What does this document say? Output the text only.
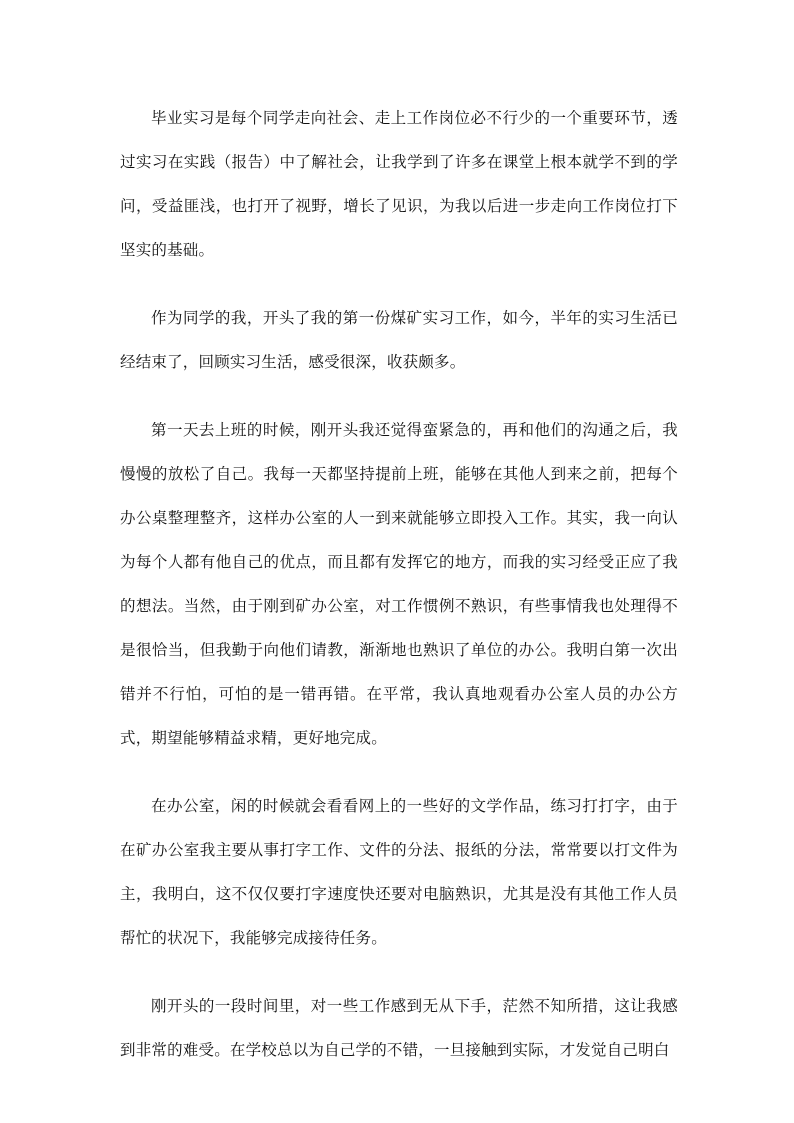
毕业实习是每个同学走向社会、走上工作岗位必不行少的一个重要环节，透过实习在实践（报告）中了解社会，让我学到了许多在课堂上根本就学不到的学问，受益匪浅，也打开了视野，增长了见识，为我以后进一步走向工作岗位打下坚实的基础。

作为同学的我，开头了我的第一份煤矿实习工作，如今，半年的实习生活已经结束了，回顾实习生活，感受很深，收获颇多。

第一天去上班的时候，刚开头我还觉得蛮紧急的，再和他们的沟通之后，我慢慢的放松了自己。我每一天都坚持提前上班，能够在其他人到来之前，把每个办公桌整理整齐，这样办公室的人一到来就能够立即投入工作。其实，我一向认为每个人都有他自己的优点，而且都有发挥它的地方，而我的实习经受正应了我的想法。当然，由于刚到矿办公室，对工作惯例不熟识，有些事情我也处理得不是很恰当，但我勤于向他们请教，渐渐地也熟识了单位的办公。我明白第一次出错并不行怕，可怕的是一错再错。在平常，我认真地观看办公室人员的办公方式，期望能够精益求精，更好地完成。

在办公室，闲的时候就会看看网上的一些好的文学作品，练习打打字，由于在矿办公室我主要从事打字工作、文件的分法、报纸的分法，常常要以打文件为主，我明白，这不仅仅要打字速度快还要对电脑熟识，尤其是没有其他工作人员帮忙的状况下，我能够完成接待任务。

刚开头的一段时间里，对一些工作感到无从下手，茫然不知所措，这让我感到非常的难受。在学校总以为自己学的不错，一旦接触到实际，才发觉自己明白
